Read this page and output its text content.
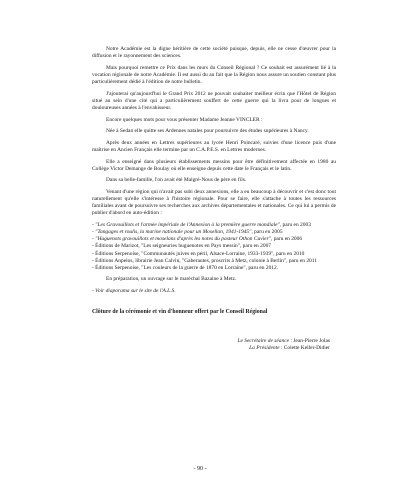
Notre Académie est la digne héritière de cette société puisque, depuis, elle ne cesse d'œuvrer pour la diffusion et le rayonnement des sciences.

Mais pourquoi remettre ce Prix dans les murs du Conseil Régional ? Ce souhait est assurément lié à la vocation régionale de notre Académie. Il est aussi du au fait que la Région nous assure un soutien constant plus particulièrement dédié à l'édition de notre bulletin.

J'ajouterai qu'aujourd'hui le Grand Prix 2012 ne pouvait souhaiter meilleur écrin que l'Hôtel de Région situé au sein d'une cité qui a particulièrement souffert de cette guerre qui la livra pour de longues et douloureuses années à l'envahisseur.

Encore quelques mots pour vous présenter Madame Jeanne VINCLER :

Née à Sedan elle quitte ses Ardennes natales pour poursuivre des études supérieures à Nancy.

Après deux années en Lettres supérieures au lycée Henri Poincaré, suivies d'une licence puis d'une maîtrise en Ancien Français elle termine par un C.A.P.E.S. en Lettres modernes.

Elle a enseigné dans plusieurs établissements messins pour être définitivement affectée en 1980 au Collège Victor Demange de Boulay où elle enseigne depuis cette date le Français et le latin.

Dans sa belle-famille, l'on avait été Malgré-Nous de père en fils.

Venant d'une région qui n'avait pas subi deux annexions, elle a eu beaucoup à découvrir et c'est donc tout naturellement qu'elle s'intéresse à l'histoire régionale. Pour se faire, elle s'attache à toutes les ressources familiales avant de poursuivre ses recherches aux archives départementales et nationales. Ce qui lui a permis de publier d'abord en auto-édition :

- "Les Gravouillots et l'armée impériale de l'Annexion à la première guerre mondiale", paru en 2003
- "Tangages et roulis, la marine nationale pour un Mosellan, 1941-1945", paru en 2005
- "Huguenots gravouillots et moselans d'après les notes du pasteur Othon Cuvier", paru en 2006
- Éditions de Marizot, "Les seigneuries huguenotes en Pays messin", paru en 2007
- Éditions Serpenoise, "Communautés juives en péril, Alsace-Lorraine, 1933-1939", paru en 2010
- Éditions Anpelos, librairie Jean Calvin, "Gaberautes, proscrits à Metz, colonie à Berlin", paru en 2011
- Éditions Serpenoise, "Les couleurs de la guerre de 1870 en Lorraine", paru en 2012.

En préparation, un ouvrage sur le maréchal Bazaine à Metz.

- Voir diaporama sur le site de l'A.L.S.

Clôture de la cérémonie et vin d'honneur offert par le Conseil Régional

Le Secrétaire de séance : Jean-Pierre Jolas

La Présidente : Colette Keller-Didier

- 90 -
